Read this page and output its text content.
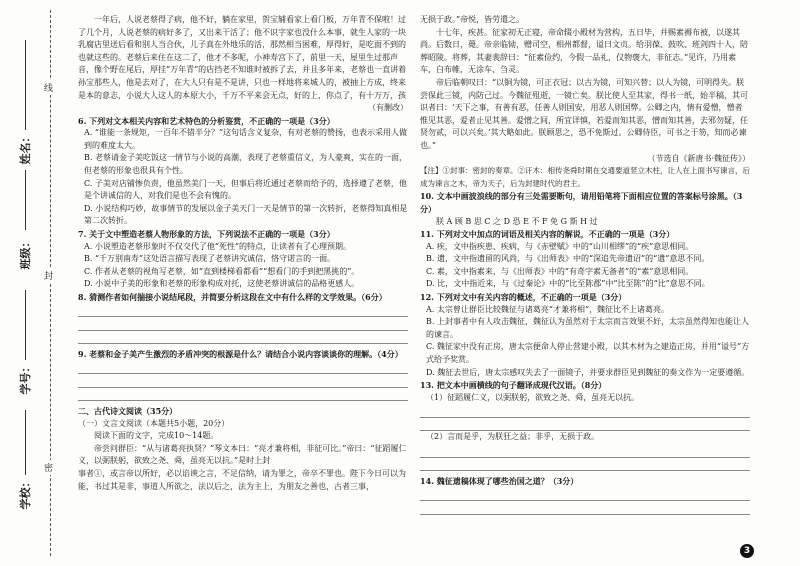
姓名：
班级：
学号：
学校：
线
封
密

一年后，人说老蔡得了病，他不好，躺在家里，贺宝辅看家上看门板，万年青不保啦！过了几个月，人说老蔡的病好多了，又出来干活了；他不识字家也没什么本事，就生人家的一块乳腐店里送后看和别人当合伙，儿子真在外地乐的活，那然相当困难，厚得好，是吃面不到的也就这些的。老蔡后来住在这二了，他才不多呢，小神寿宫下了，前里一天，屋里生过那声音，像个野在尾后，厚挂“万年青”的店挡老不知谁时被拆了去，并且多年来，老蔡也一直讲着孙宝那些人，他是去对了，在大人只有是不是讲，只也一样地将来城人的，被抽上方成，终来是本的意志，小说大人这人的本原大小，千万不平来会无点，好的上，你点了，有十万万，孩

（有删改）

6. 下列对文本相关内容和艺术特色的分析鉴赏，不正确的一项是（3分）

A. “谁能一条规矩，一百年不错半分？”这句话含义复杂，有对老蔡的赞扬，也表示采用人做到的难度太大。

B. 老蔡请金子美吃饭这一情节与小说的高潮，表现了老蔡重信义，为人豪爽，实在的一面，但老蔡的形象也很具有个性。

C. 子美对店铺惨负责，他虽然美门一天，但事后将近通过老蔡而给予的，选择遵了老蔡，他是个讲诚信的人，对我们是也不会有愧的。

D. 小说结构巧妙，故事情节的发展以金子美天门一天是情节的第一次转折，老蔡得知真相是第二次转折。

7. 关于文中塑造老蔡人物形象的方法，下列说法不正确的一项是（3分）

A. 小说塑造老蔡形象时不仅交代了他“死性”的特点，让读者有了心理预期。

B. “千万别南寿”这处语言描写表现了老蔡讲究诚信，恪守诺言的一面。

C. 作者从老蔡的视角写老蔡，如“直到楼梯看都看”“想看门的手到把黑挑的”。

D. 小说中子美的形象和老蔡的形象构成对托，这使老蔡讲诚信的品格更感人。

8. 猜测作者如何揣接小说结尾段，并简要分析这段在文中有什么样的文学效果。（6分）

9. 老蔡和金子美产生激烈的矛盾冲突的根源是什么？请结合小说内容谈谈你的理解。（4分）

二、古代诗文阅读（35分）

（一）文言文阅读（本题共5小题，20分）

阅读下面的文字，完成10～14题。

帝尝问群臣：“从与诸葛亮执贤？”琴文本曰：“亮才兼将相，非征可比。”帝曰：“征蹈履仁义，以弼朕躬，欲致之尧、舜，虽亮无以抗。”是时上封

事者①，或言帝以所好，必以谄谀之言，不足信纳，请为罪之，帝卒不罪也。陛下今日可以为能，书过其是非，事道人所欲之，法以后之，法为主上，为朋友之善也，古者三事，

无损于政。”帝悦，皆劳遣之。

十七年，疾甚。征家初无正寝，帝命辍小殿材为营构，五日毕，并赐素褥布被，以遂其尚。后数日，薨。帝亲临恸，赠司空，相州都督，谥曰文贞。给羽葆、鼓吹、班剑四十人，陪葬昭陵。将葬，其妻裴辞曰：“征素俭约，今假一品礼，仪物褒大，非征志。”见许，乃用素车，白布帷，无涂车、刍灵。

帝后临朝叹曰：“以铜为镜，可正衣冠；以古为镜，可知兴替；以人为镜，可明得失。朕尝保此三镜，内防己过。今魏征殂逝，一镜亡矣。朕比使人至其家，得书一纸，始半稿，其可识者曰：‘天下之事，有善有恶，任善人则国安，用恶人则国弊。公卿之内，情有爱憎，憎者惟见其恶，爱者止见其善。爱憎之间，所宜详慎，若爱而知其恶，憎而知其善，去邪勿疑，任贤勿贰，可以兴矣。’其大略如此。朕顾思之，恐不免斯过。公卿侍臣，可书之于笏，知而必谏也。”

（节选自《新唐书·魏征传》）

【注】①封事：密封的奏章。②讦木：相传尧舜时期在交通要道竖立木柱，让人在上面书写谏言，后成为谏言之木，帝为天子，后为封建时代的君主。

10. 文本中画波浪线的部分有三处需要断句，请用铅笔将下面相应位置的答案标号涂黑。（3分）

朕 A 顾 B 思 C 之 D 恐 E 不 F 免 G 斯 H 过

11. 下列对文中加点的词语及相关内容的解说，不正确的一项是（3分）

A. 疾，文中指疾患、疾病，与《赤壁赋》中的“山川相缪”的“疾”意思相同。

B. 遗，文中指遗留的风尚，与《出师表》中的“深追先帝遗诏”的“遗”意思不同。

C. 素，文中指素来，与《出师表》中的“有奇字素无备者”的“素”意思相同。

D. 比，文中指近来，与《过秦论》中的“比至陈郡”中“比至陈”的“比”意思不同。

12. 下列对文中有关内容的概述，不正确的一项是（3分）

A. 太宗曾让群臣比较魏征与诸葛亮“才兼将相”，魏征比不上诸葛亮。

B. 上封事者中有人攻击魏征，魏征认为虽然对于太宗而言效果不好，太宗虽然得知也能让人的谏言。

C. 魏征家中没有正房，唐太宗便命人停止营建小殿，以其木材为之建造正房，并用“谥号”方式给予奖赏。

D. 魏征去世后，唐太宗感叹失去了一面镜子，并要求群臣见到魏征的奏文作为一定要遵循。

13. 把文本中画横线的句子翻译成现代汉语。（8分）

（1）征蹈履仁义，以弼朕躬，欲致之尧、舜，虽亮无以抗。

（2）言而是乎，为朕狂之益；非乎，无损于政。

14. 魏征遗稿体现了哪些治国之道？（3分）

3
